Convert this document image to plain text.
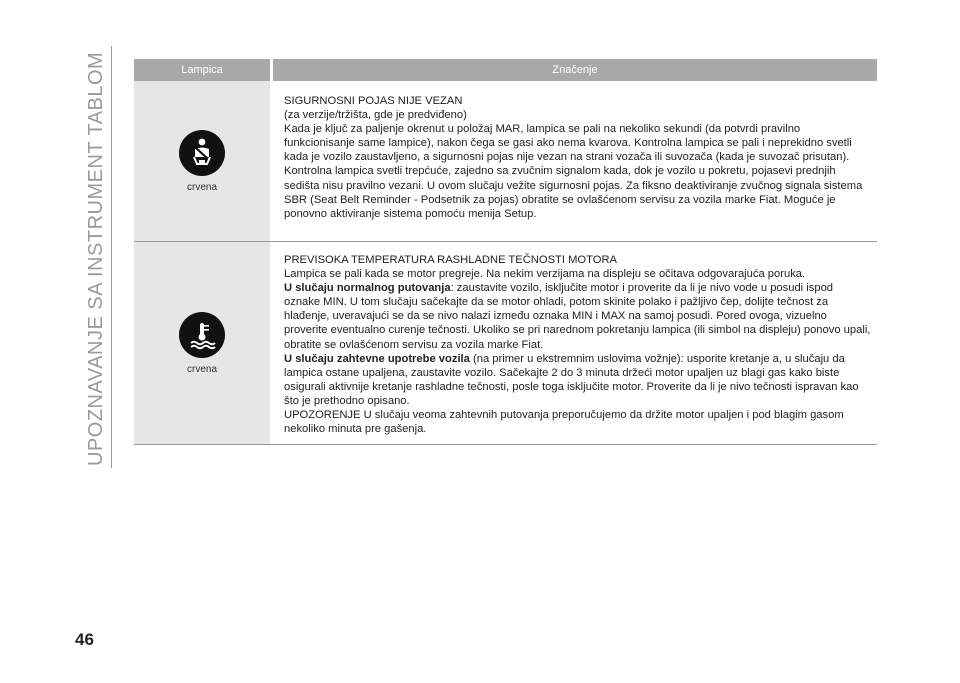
UPOZNAVANJE SA INSTRUMENT TABLOM	Lampica	Značenje
crvena

SIGURNOSNI POJAS NIJE VEZAN

(za verzije/tržišta, gde je predviđeno)

Kada je ključ za paljenje okrenut u položaj MAR, lampica se pali na nekoliko sekundi (da potvrdi pravilno funkcionisanje same lampice), nakon čega se gasi ako nema kvarova. Kontrolna lampica se pali i neprekidno svetli kada je vozilo zaustavljeno, a sigurnosni pojas nije vezan na strani vozača ili suvozača (kada je suvozač prisutan). Kontrolna lampica svetli trepćuće, zajedno sa zvučnim signalom kada, dok je vozilo u pokretu, pojasevi prednjih sedišta nisu pravilno vezani. U ovom slučaju vežite sigurnosni pojas. Za fiksno deaktiviranje zvučnog signala sistema SBR (Seat Belt Reminder - Podsetnik za pojas) obratite se ovlašćenom servisu za vozila marke Fiat. Moguće je ponovno aktiviranje sistema pomoću menija Setup.

crvena

PREVISOKA TEMPERATURA RASHLADNE TEČNOSTI MOTORA

Lampica se pali kada se motor pregreje. Na nekim verzijama na displeju se očitava odgovarajuća poruka.

U slučaju normalnog putovanja: zaustavite vozilo, isključite motor i proverite da li je nivo vode u posudi ispod oznake MIN. U tom slučaju sačekajte da se motor ohladi, potom skinite polako i pažljivo čep, dolijte tečnost za hlađenje, uveravajući se da se nivo nalazi između oznaka MIN i MAX na samoj posudi. Pored ovoga, vizuelno proverite eventualno curenje tečnosti. Ukoliko se pri narednom pokretanju lampica (ili simbol na displeju) ponovo upali, obratite se ovlašćenom servisu za vozila marke Fiat.

U slučaju zahtevne upotrebe vozila (na primer u ekstremnim uslovima vožnje): usporite kretanje a, u slučaju da lampica ostane upaljena, zaustavite vozilo. Sačekajte 2 do 3 minuta držeći motor upaljen uz blagi gas kako biste osigurali aktivnije kretanje rashladne tečnosti, posle toga isključite motor. Proverite da li je nivo tečnosti ispravan kao što je prethodno opisano.

UPOZORENJE U slučaju veoma zahtevnih putovanja preporučujemo da držite motor upaljen i pod blagim gasom nekoliko minuta pre gašenja.

46
